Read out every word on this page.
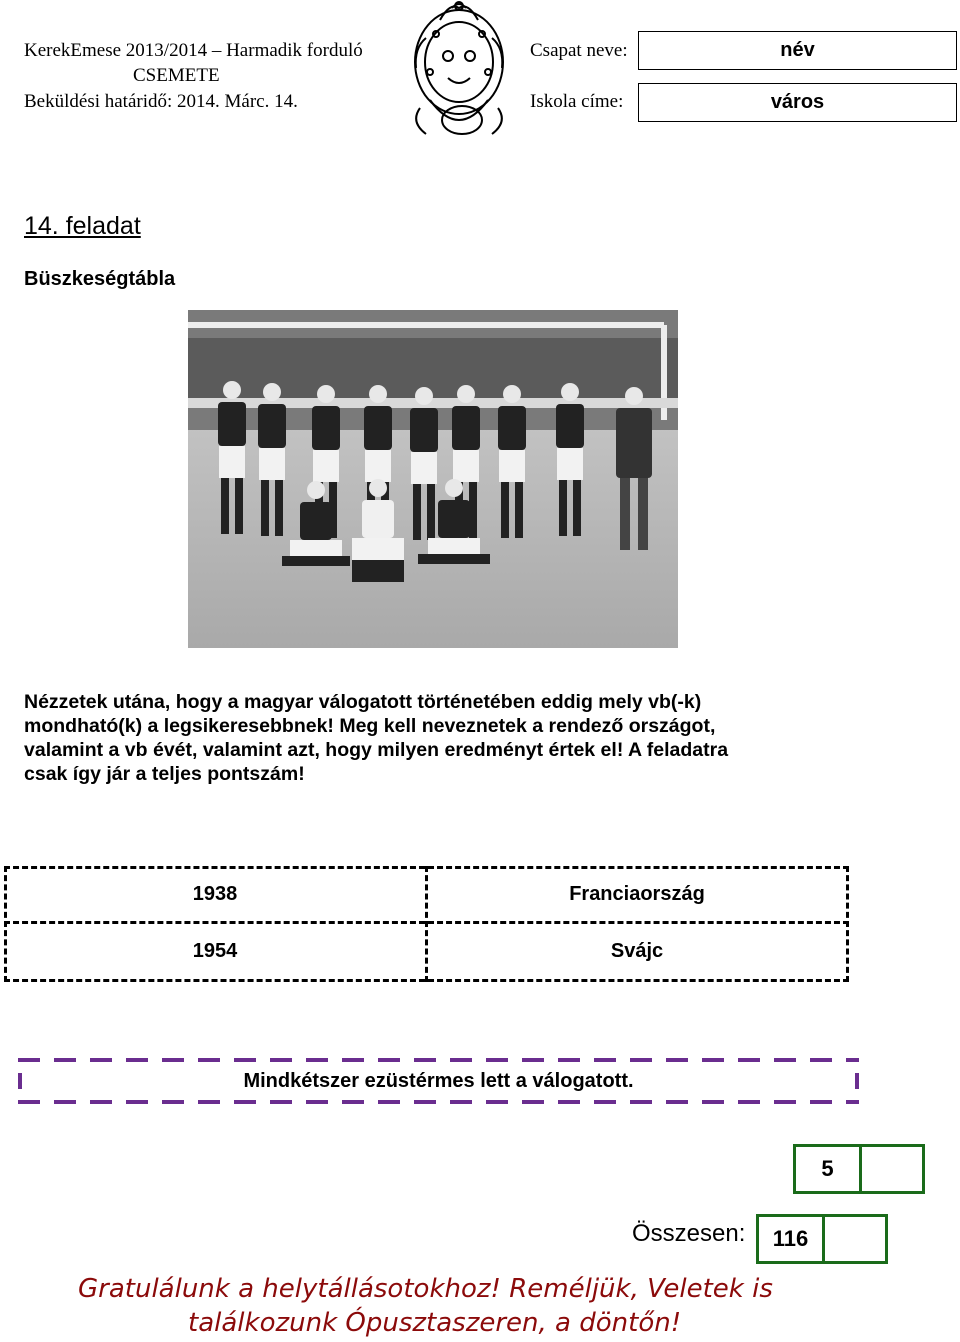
KerekEmese 2013/2014 – Harmadik forduló
CSEMETE
Beküldési határidő: 2014. Márc. 14.
Csapat neve:	név
Iskola címe:	város
14. feladat
Büszkeségtábla
Nézzetek utána, hogy a magyar válogatott történetében eddig mely vb(-k)
mondható(k) a legsikeresebbnek! Meg kell neveznetek a rendező országot,
valamint a vb évét, valamint azt, hogy milyen eredményt értek el! A feladatra
csak így jár a teljes pontszám!
1938	Franciaország
1954	Svájc
Mindkétszer ezüstérmes lett a válogatott.
5
Összesen:	116
Gratulálunk a helytállásotokhoz! Reméljük, Veletek is
találkozunk Ópusztaszeren, a döntőn!
